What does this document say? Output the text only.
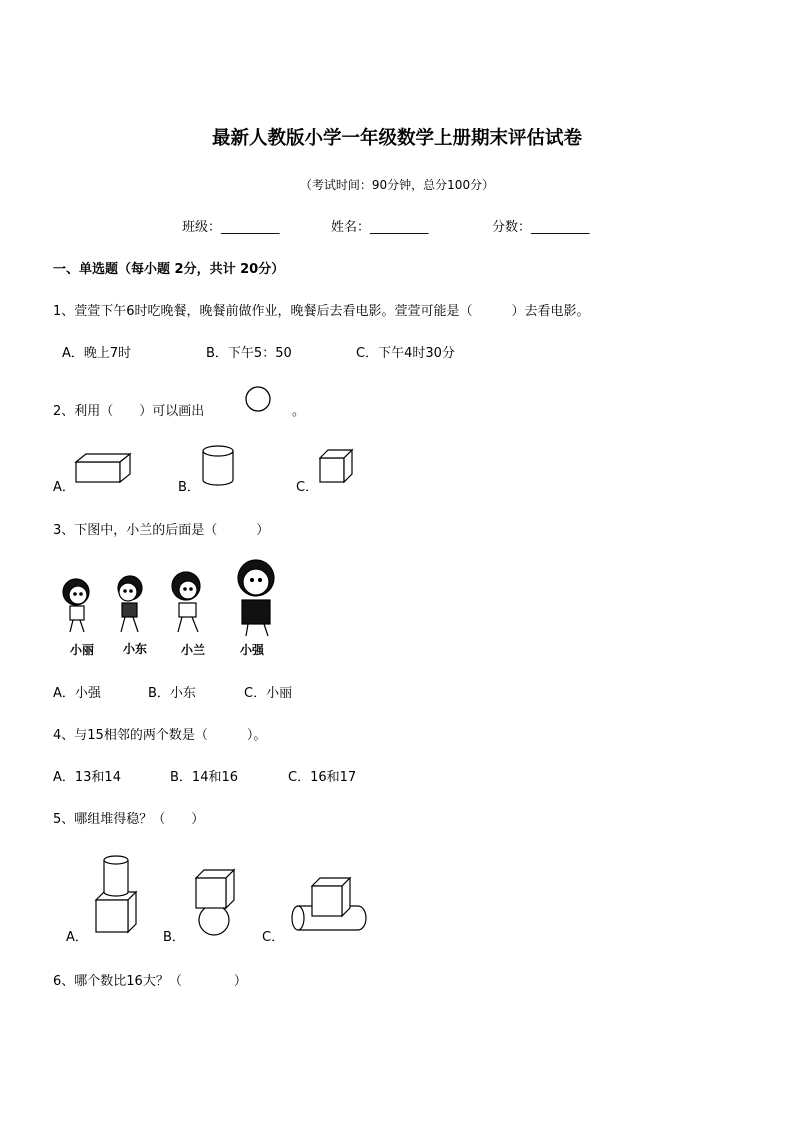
最新人教版小学一年级数学上册期末评估试卷
（考试时间：90分钟，总分100分）
班级：_________	姓名：_________	分数：_________
一、单选题（每小题 2分，共计 20分）
1、萱萱下午6时吃晚餐，晚餐前做作业，晚餐后去看电影。萱萱可能是（　　　）去看电影。
A．晚上7时	B．下午5：50	C．下午4时30分
2、利用（　　）可以画出	。
A．	B．	C．
3、下图中，小兰的后面是（　　　）
小丽 小东	小兰	小强
A．小强	B．小东	C．小丽
4、与15相邻的两个数是（　　　）。
A．13和14	B．14和16	C．16和17
5、哪组堆得稳？（　　）
A．	B．	C．
6、哪个数比16大？（　　　　）
